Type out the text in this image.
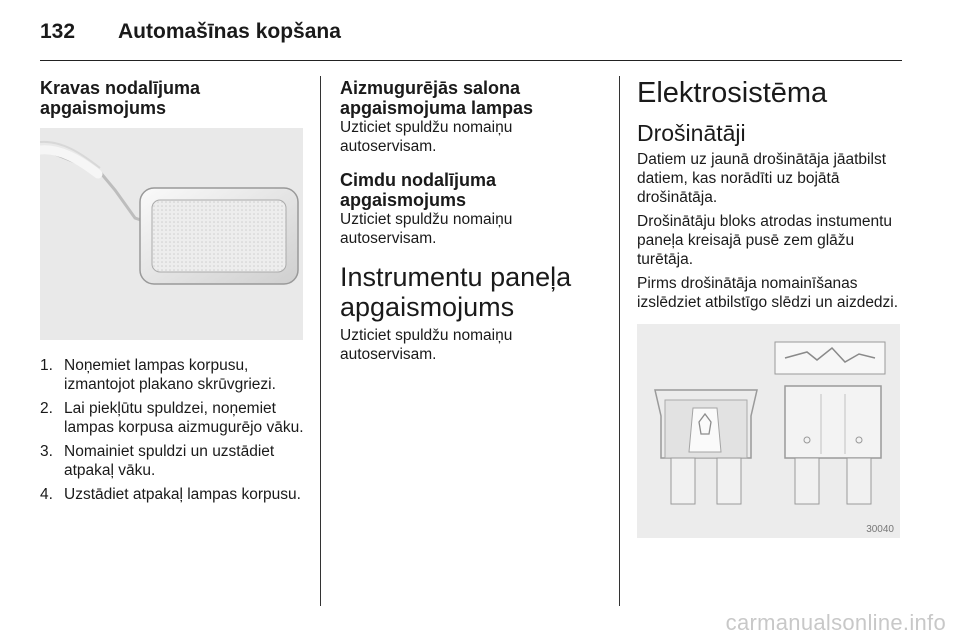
132 Automašīnas kopšana
Kravas nodalījuma apgaismojums
1. Noņemiet lampas korpusu, izmantojot plakano skrūvgriezi.
2. Lai piekļūtu spuldzei, noņemiet lampas korpusa aizmugurējo vāku.
3. Nomainiet spuldzi un uzstādiet atpakaļ vāku.
4. Uzstādiet atpakaļ lampas korpusu.
Aizmugurējās salona apgaismojuma lampas

Uzticiet spuldžu nomaiņu autoservisam.

Cimdu nodalījuma apgaismojums

Uzticiet spuldžu nomaiņu autoservisam.

Instrumentu paneļa apgaismojums

Uzticiet spuldžu nomaiņu autoservisam.

Elektrosistēma
Drošinātāji

Datiem uz jaunā drošinātāja jāatbilst datiem, kas norādīti uz bojātā drošinātāja.

Drošinātāju bloks atrodas instumentu paneļa kreisajā pusē zem glāžu turētāja.

Pirms drošinātāja nomainīšanas izslēdziet atbilstīgo slēdzi un aizdedzi.

30040
carmanualsonline.info
